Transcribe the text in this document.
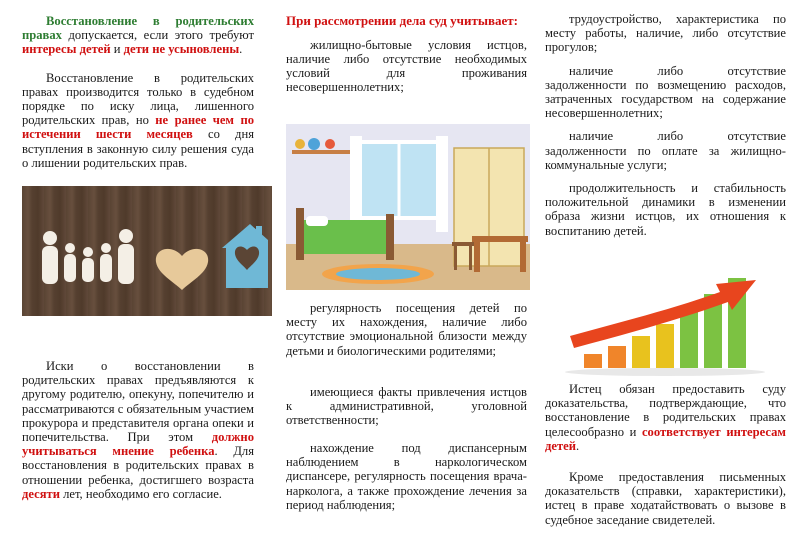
Восстановление в родительских правах допускается, если этого требуют интересы детей и дети не усыновлены.

Восстановление в родительских правах производится только в судебном порядке по иску лица, лишенного родительских прав, но не ранее чем по истечении шести месяцев со дня вступления в законную силу решения суда о лишении родительских прав.

Иски о восстановлении в родительских правах предъявляются к другому родителю, опекуну, попечителю и рассматриваются с обязательным участием прокурора и представителя органа опеки и попечительства. При этом должно учитываться мнение ребенка. Для восстановления в родительских правах в отношении ребенка, достигшего возраста десяти лет, необходимо его согласие.

При рассмотрении дела суд учитывает:

жилищно-бытовые условия истцов, наличие либо отсутствие необходимых условий для проживания несовершеннолетних;

регулярность посещения детей по месту их нахождения, наличие либо отсутствие эмоциональной близости между детьми и биологическими родителями;

имеющиеся факты привлечения истцов к административной, уголовной ответственности;

нахождение под диспансерным наблюдением в наркологическом диспансере, регулярность посещения врача-нарколога, а также прохождение лечения за период наблюдения;

трудоустройство, характеристика по месту работы, наличие, либо отсутствие прогулов;

наличие либо отсутствие задолженности по возмещению расходов, затраченных государством на содержание несовершеннолетних;

наличие либо отсутствие задолженности по оплате за жилищно-коммунальные услуги;

продолжительность и стабильность положительной динамики в изменении образа жизни истцов, их отношения к воспитанию детей.

Истец обязан предоставить суду доказательства, подтверждающие, что восстановление в родительских правах целесообразно и соответствует интересам детей.

Кроме предоставления письменных доказательств (справки, характеристики), истец в праве ходатайствовать о вызове в судебное заседание свидетелей.
